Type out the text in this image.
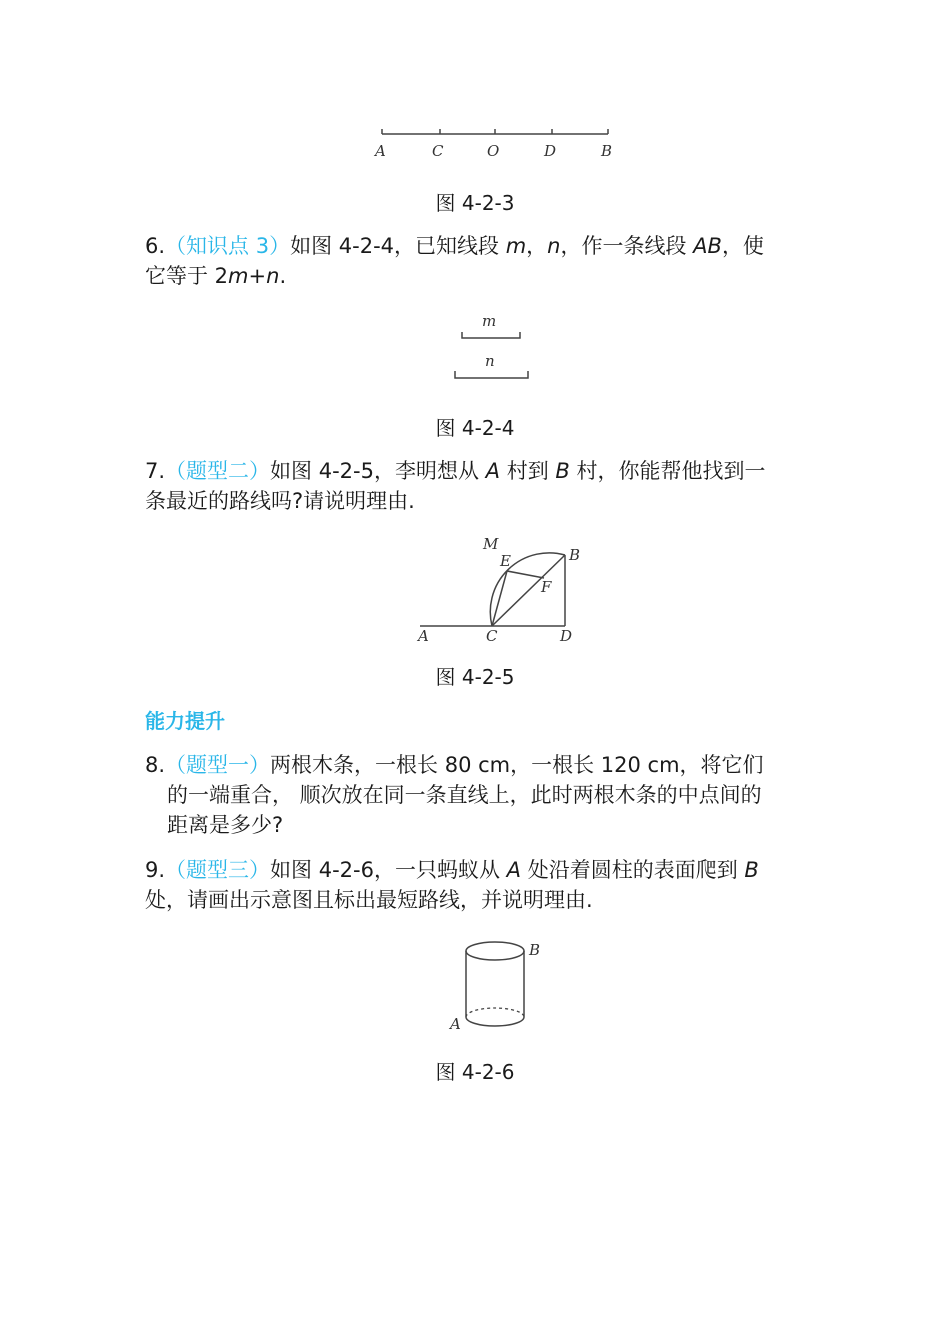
A	C	O	D	B
图 4-2-3
6.（知识点 3）如图 4-2-4，已知线段 m，n，作一条线段 AB，使
它等于 2m+n.
m
n
图 4-2-4
7.（题型二）如图 4-2-5，李明想从 A 村到 B 村，你能帮他找到一
条最近的路线吗?请说明理由.
M
E	B
F
A	C	D
图 4-2-5
能力提升
8.（题型一）两根木条，一根长 80 cm，一根长 120 cm，将它们
的一端重合， 顺次放在同一条直线上，此时两根木条的中点间的
距离是多少?
9.（题型三）如图 4-2-6，一只蚂蚁从 A 处沿着圆柱的表面爬到 B
处，请画出示意图且标出最短路线，并说明理由.
B
A
图 4-2-6
